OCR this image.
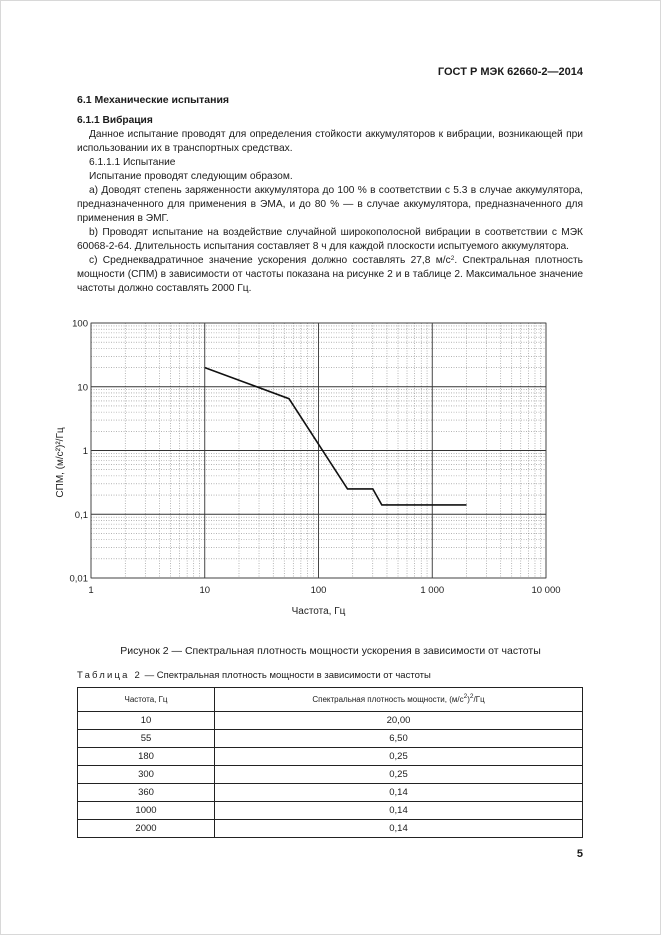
ГОСТ Р МЭК 62660-2—2014
6.1 Механические испытания

6.1.1 Вибрация

Данное испытание проводят для определения стойкости аккумуляторов к вибрации, возникающей при использовании их в транспортных средствах.

6.1.1.1 Испытание

Испытание проводят следующим образом.

a) Доводят степень заряженности аккумулятора до 100 % в соответствии с 5.3 в случае аккумулятора, предназначенного для применения в ЭМА, и до 80 % — в случае аккумулятора, предназначенного для применения в ЭМГ.

b) Проводят испытание на воздействие случайной широкополосной вибрации в соответствии с МЭК 60068-2-64. Длительность испытания составляет 8 ч для каждой плоскости испытуемого аккумулятора.

c) Среднеквадратичное значение ускорения должно составлять 27,8 $м/с^2$. Спектральная плотность мощности (СПМ) в зависимости от частоты показана на рисунке 2 и в таблице 2. Максимальное значение частоты должно составлять 2000 Гц.

1	10	100	1 000	10 000
100
10
1
0,1
0,01
Частота, Гц
СПМ, (м/с²)²/Гц
Рисунок 2 — Спектральная плотность мощности ускорения в зависимости от частоты
Таблица 2 — Спектральная плотность мощности в зависимости от частоты
Частота, Гц	Спектральная плотность мощности, $(м/с^2)^2/Гц$
10	20,00
55	6,50
180	0,25
300	0,25
360	0,14
1000	0,14
2000	0,14
5
